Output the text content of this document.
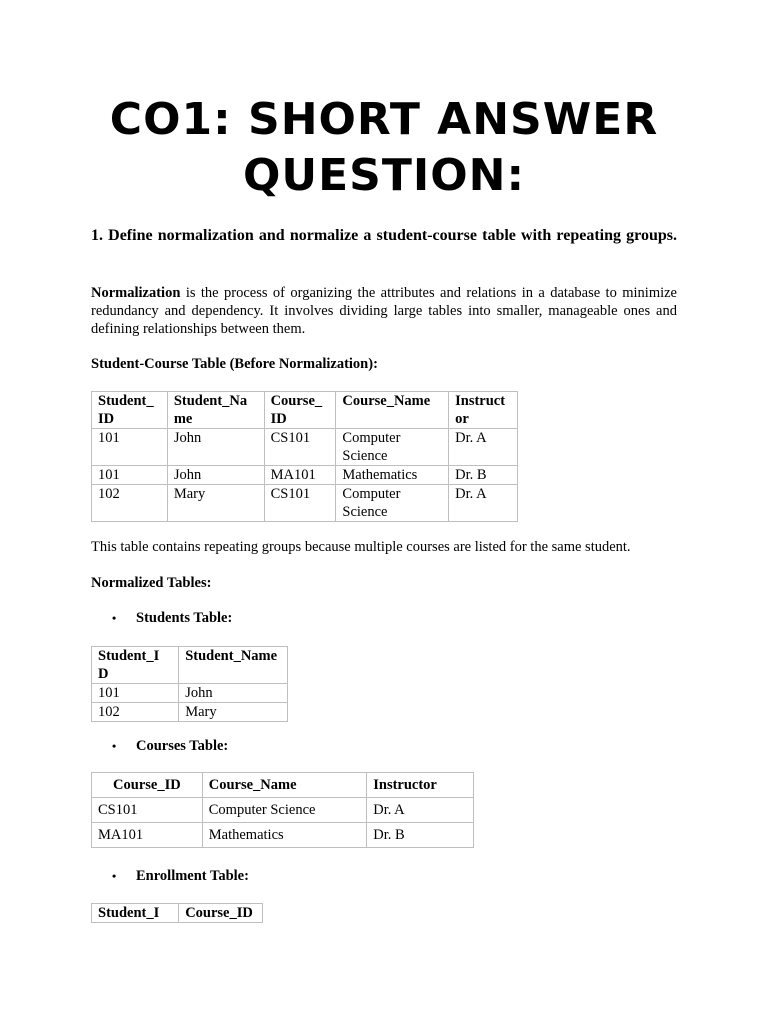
CO1: SHORT ANSWER QUESTION:

1. Define normalization and normalize a student-course table with repeating groups.

Normalization is the process of organizing the attributes and relations in a database to minimize redundancy and dependency. It involves dividing large tables into smaller, manageable ones and defining relationships between them.

Student-Course Table (Before Normalization):

Student_ ID	Student_Na me	Course_ ID	Course_Name	Instruct or
101	John	CS101	Computer Science	Dr. A
101	John	MA101	Mathematics	Dr. B
102	Mary	CS101	Computer Science	Dr. A

This table contains repeating groups because multiple courses are listed for the same student.

Normalized Tables:

• Students Table:

Student_I D	Student_Name
101	John
102	Mary

• Courses Table:

Course_ID	Course_Name	Instructor
CS101	Computer Science	Dr. A
MA101	Mathematics	Dr. B

• Enrollment Table:

Student_I	Course_ID
